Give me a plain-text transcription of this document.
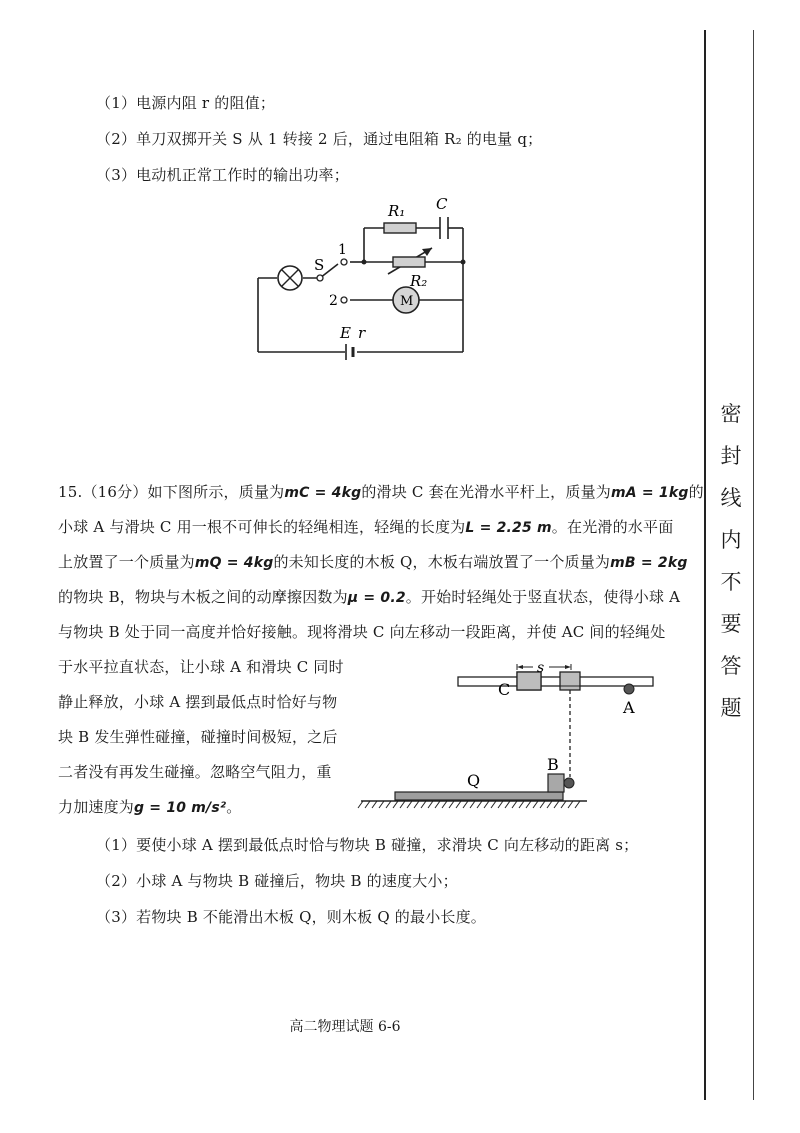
（1）电源内阻 r 的阻值；
（2）单刀双掷开关 S 从 1 转接 2 后，通过电阻箱 R₂ 的电量 q；
（3）电动机正常工作时的输出功率；
R₁ C
R₂
S
1
2	M
E r
15.（16分）如下图所示，质量为mC = 4kg的滑块 C 套在光滑水平杆上，质量为mA = 1kg的
小球 A 与滑块 C 用一根不可伸长的轻绳相连，轻绳的长度为L = 2.25 m。在光滑的水平面
上放置了一个质量为mQ = 4kg的未知长度的木板 Q，木板右端放置了一个质量为mB = 2kg
的物块 B，物块与木板之间的动摩擦因数为μ = 0.2。开始时轻绳处于竖直状态，使得小球 A
与物块 B 处于同一高度并恰好接触。现将滑块 C 向左移动一段距离，并使 AC 间的轻绳处
于水平拉直状态，让小球 A 和滑块 C 同时
静止释放，小球 A 摆到最低点时恰好与物
块 B 发生弹性碰撞，碰撞时间极短，之后
二者没有再发生碰撞。忽略空气阻力，重
力加速度为g = 10 m/s²。
（1）要使小球 A 摆到最低点时恰与物块 B 碰撞，求滑块 C 向左移动的距离 s；
（2）小球 A 与物块 B 碰撞后，物块 B 的速度大小；
（3）若物块 B 不能滑出木板 Q，则木板 Q 的最小长度。
s
C
A
B
Q
高二物理试题 6-6
密
封
线
内
不
要
答
题
